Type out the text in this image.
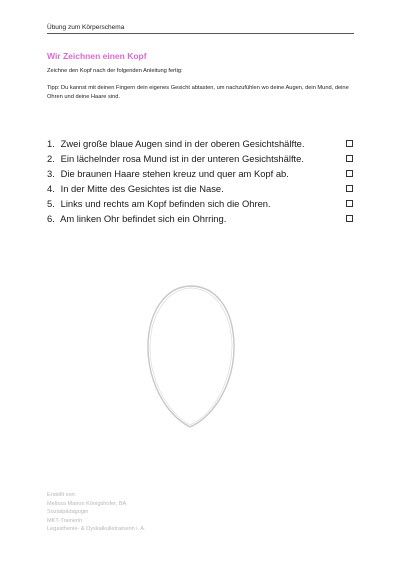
Übung zum Körperschema
Wir Zeichnen einen Kopf
Zeichne den Kopf nach der folgenden Anleitung fertig:
Tipp: Du kannst mit deinen Fingern dein eigenes Gesicht abtasten, um nachzufühlen wo deine Augen, dein Mund, deine Ohren und deine Haare sind.
1. Zwei große blaue Augen sind in der oberen Gesichtshälfte.
2. Ein lächelnder rosa Mund ist in der unteren Gesichtshälfte.
3. Die braunen Haare stehen kreuz und quer am Kopf ab.
4. In der Mitte des Gesichtes ist die Nase.
5. Links und rechts am Kopf befinden sich die Ohren.
6. Am linken Ohr befindet sich ein Ohrring.
Erstellt von:
Melissa Marion Königshofer, BA
Sozialpädagogin
MKT-Trainerin
Legasthenie- & Dyskalkulietrainerin i. A.
